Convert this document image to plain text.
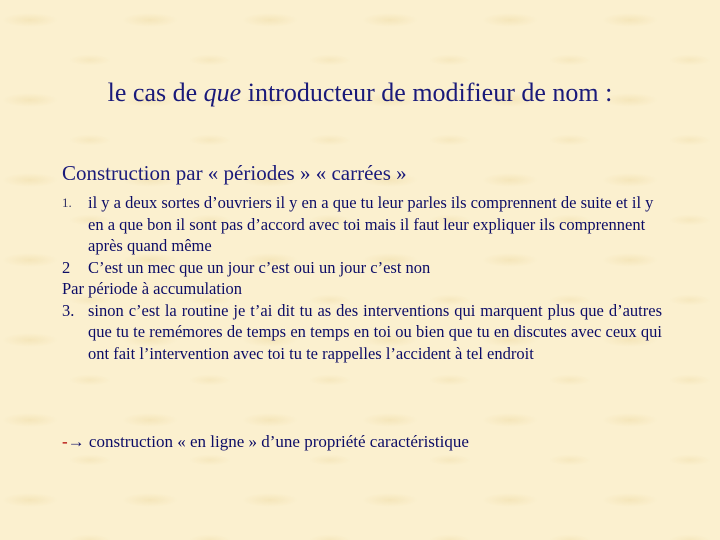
le cas de que introducteur de modifieur de nom :
Construction par « périodes » « carrées »
1. il y a deux sortes d’ouvriers il y en a que tu leur parles ils comprennent de suite et il y en a que bon il sont pas d’accord avec toi mais il faut leur expliquer ils comprennent après quand même
2 C’est un mec que un jour c’est oui un jour c’est non
Par période à accumulation
3. sinon c’est la routine je t’ai dit tu as des interventions qui marquent plus que d’autres que tu te remémores de temps en temps en toi ou bien que tu en discutes avec ceux qui ont fait l’intervention avec toi tu te rappelles l’accident à tel endroit
-→ construction « en ligne » d’une propriété caractéristique
